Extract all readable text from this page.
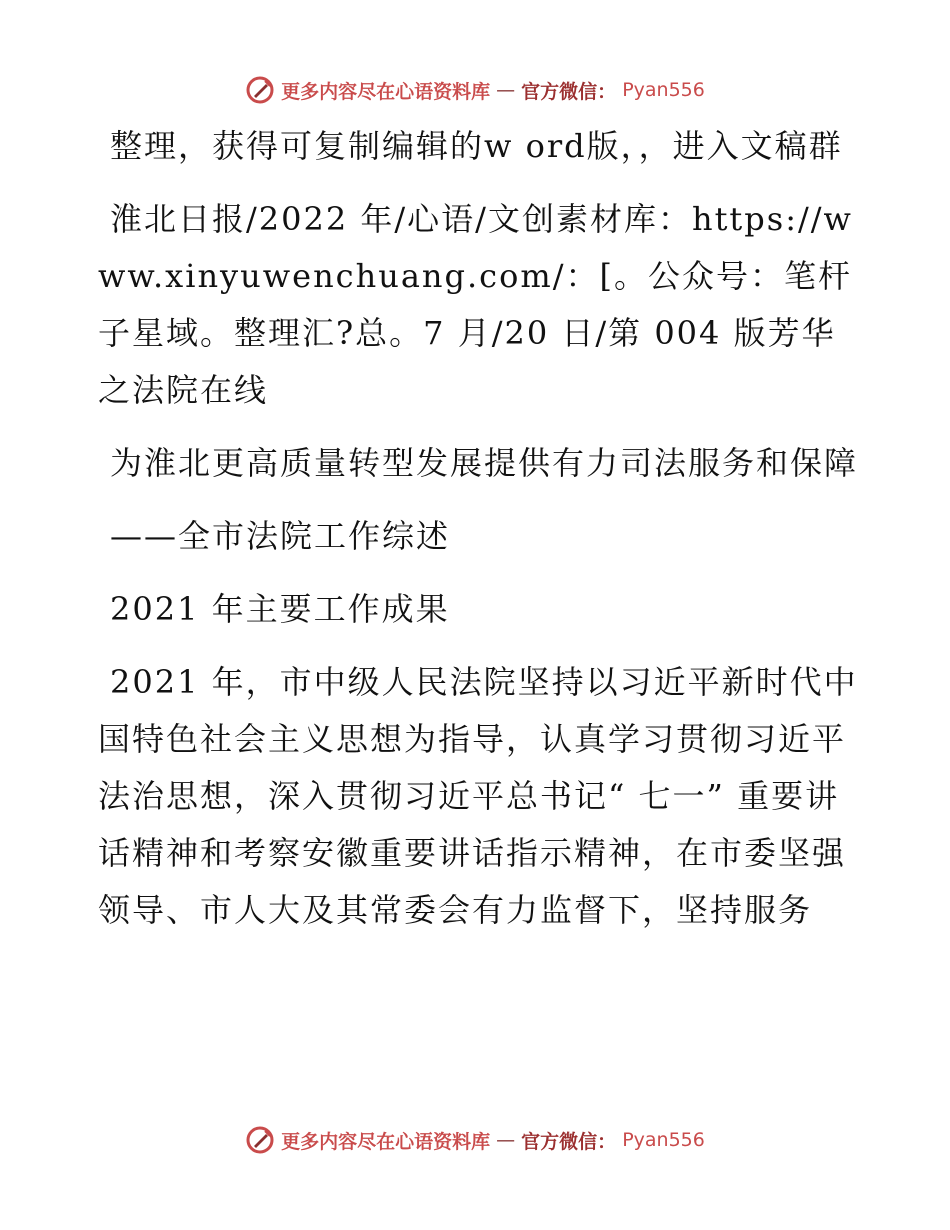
更多内容尽在心语资料库 — 官方微信： Pyan556

整理，获得可复制编辑的w ord版，，进入文稿群

淮北日报/2022 年/心语/文创素材库：https://www.xinyuwenchuang.com/：[。公众号：笔杆子星域。整理汇?总。7 月/20 日/第 004 版芳华之法院在线

为淮北更高质量转型发展提供有力司法服务和保障

——全市法院工作综述

2021 年主要工作成果

2021 年，市中级人民法院坚持以习近平新时代中国特色社会主义思想为指导，认真学习贯彻习近平法治思想，深入贯彻习近平总书记“ 七一” 重要讲话精神和考察安徽重要讲话指示精神，在市委坚强领导、市人大及其常委会有力监督下，坚持服务

更多内容尽在心语资料库 — 官方微信： Pyan556
